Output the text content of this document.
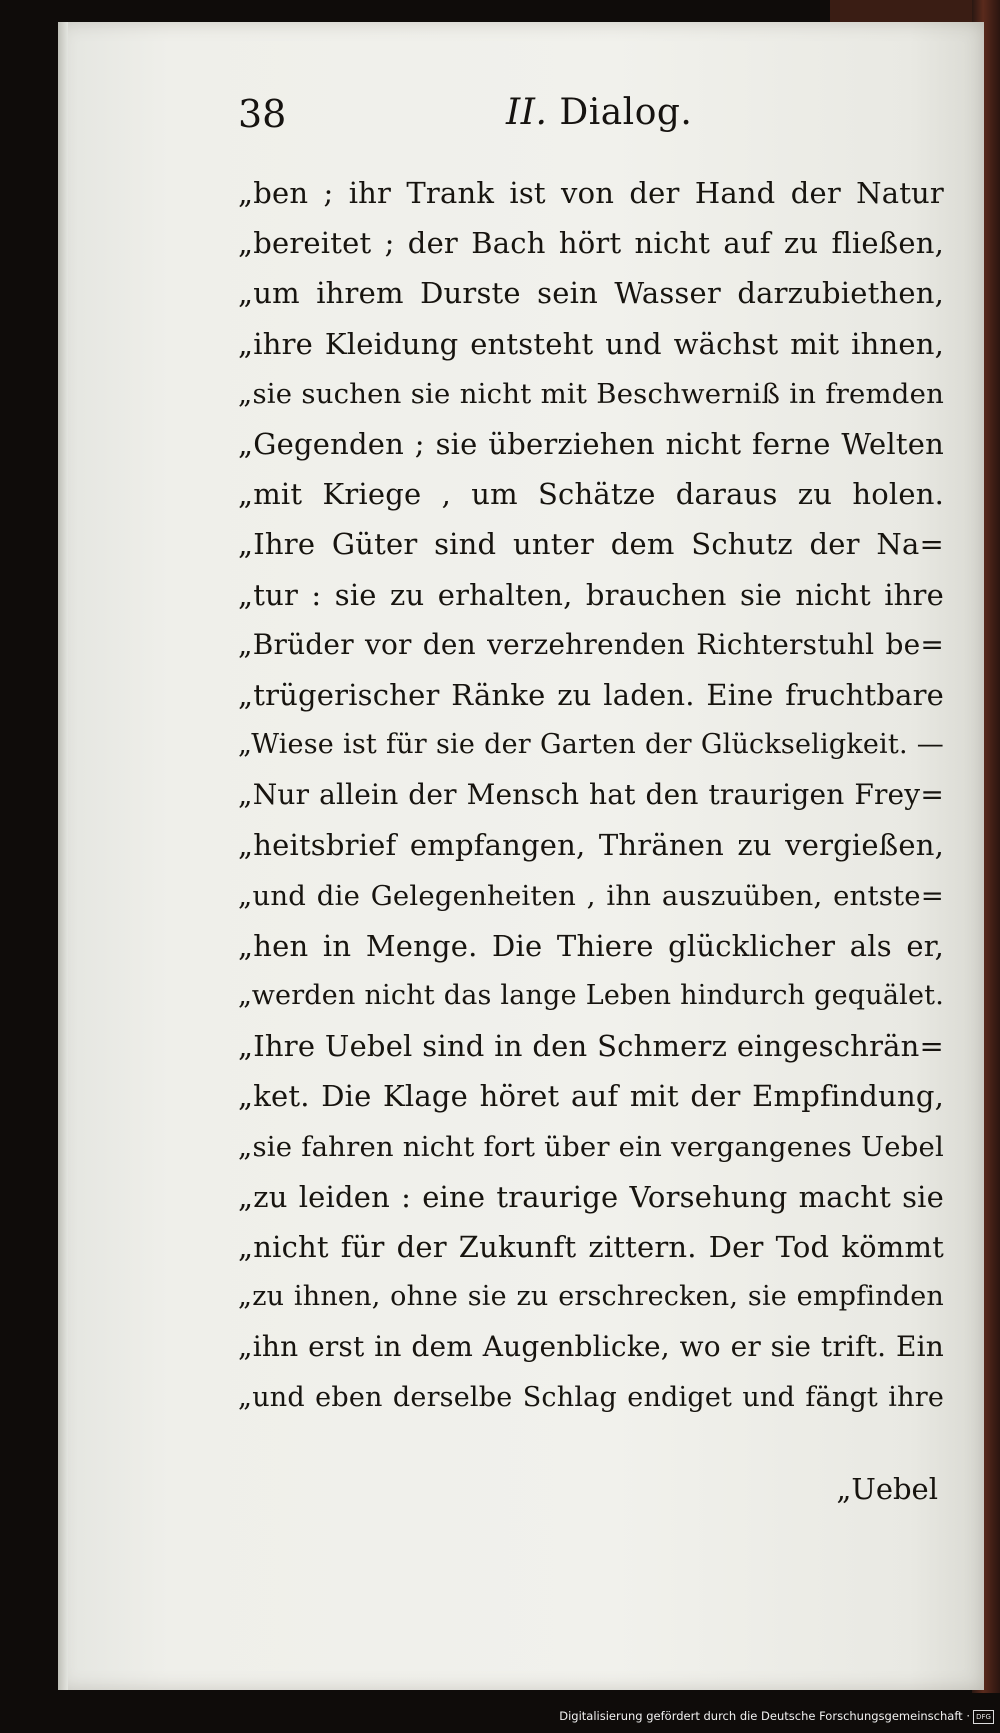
38	II. Dialog.
„ben ; ihr Trank ist von der Hand der Natur
„bereitet ; der Bach hört nicht auf zu fließen,
„um ihrem Durste sein Wasser darzubiethen,
„ihre Kleidung entsteht und wächst mit ihnen,
„sie suchen sie nicht mit Beschwerniß in fremden
„Gegenden ; sie überziehen nicht ferne Welten
„mit Kriege , um Schätze daraus zu holen.
„Ihre Güter sind unter dem Schutz der Na=
„tur : sie zu erhalten, brauchen sie nicht ihre
„Brüder vor den verzehrenden Richterstuhl be=
„trügerischer Ränke zu laden. Eine fruchtbare
„Wiese ist für sie der Garten der Glückseligkeit. —
„Nur allein der Mensch hat den traurigen Frey=
„heitsbrief empfangen, Thränen zu vergießen,
„und die Gelegenheiten , ihn auszuüben, entste=
„hen in Menge. Die Thiere glücklicher als er,
„werden nicht das lange Leben hindurch gequälet.
„Ihre Uebel sind in den Schmerz eingeschrän=
„ket. Die Klage höret auf mit der Empfindung,
„sie fahren nicht fort über ein vergangenes Uebel
„zu leiden : eine traurige Vorsehung macht sie
„nicht für der Zukunft zittern. Der Tod kömmt
„zu ihnen, ohne sie zu erschrecken, sie empfinden
„ihn erst in dem Augenblicke, wo er sie trift. Ein
„und eben derselbe Schlag endiget und fängt ihre
„Uebel
Digitalisierung gefördert durch die Deutsche Forschungsgemeinschaft · DFG
